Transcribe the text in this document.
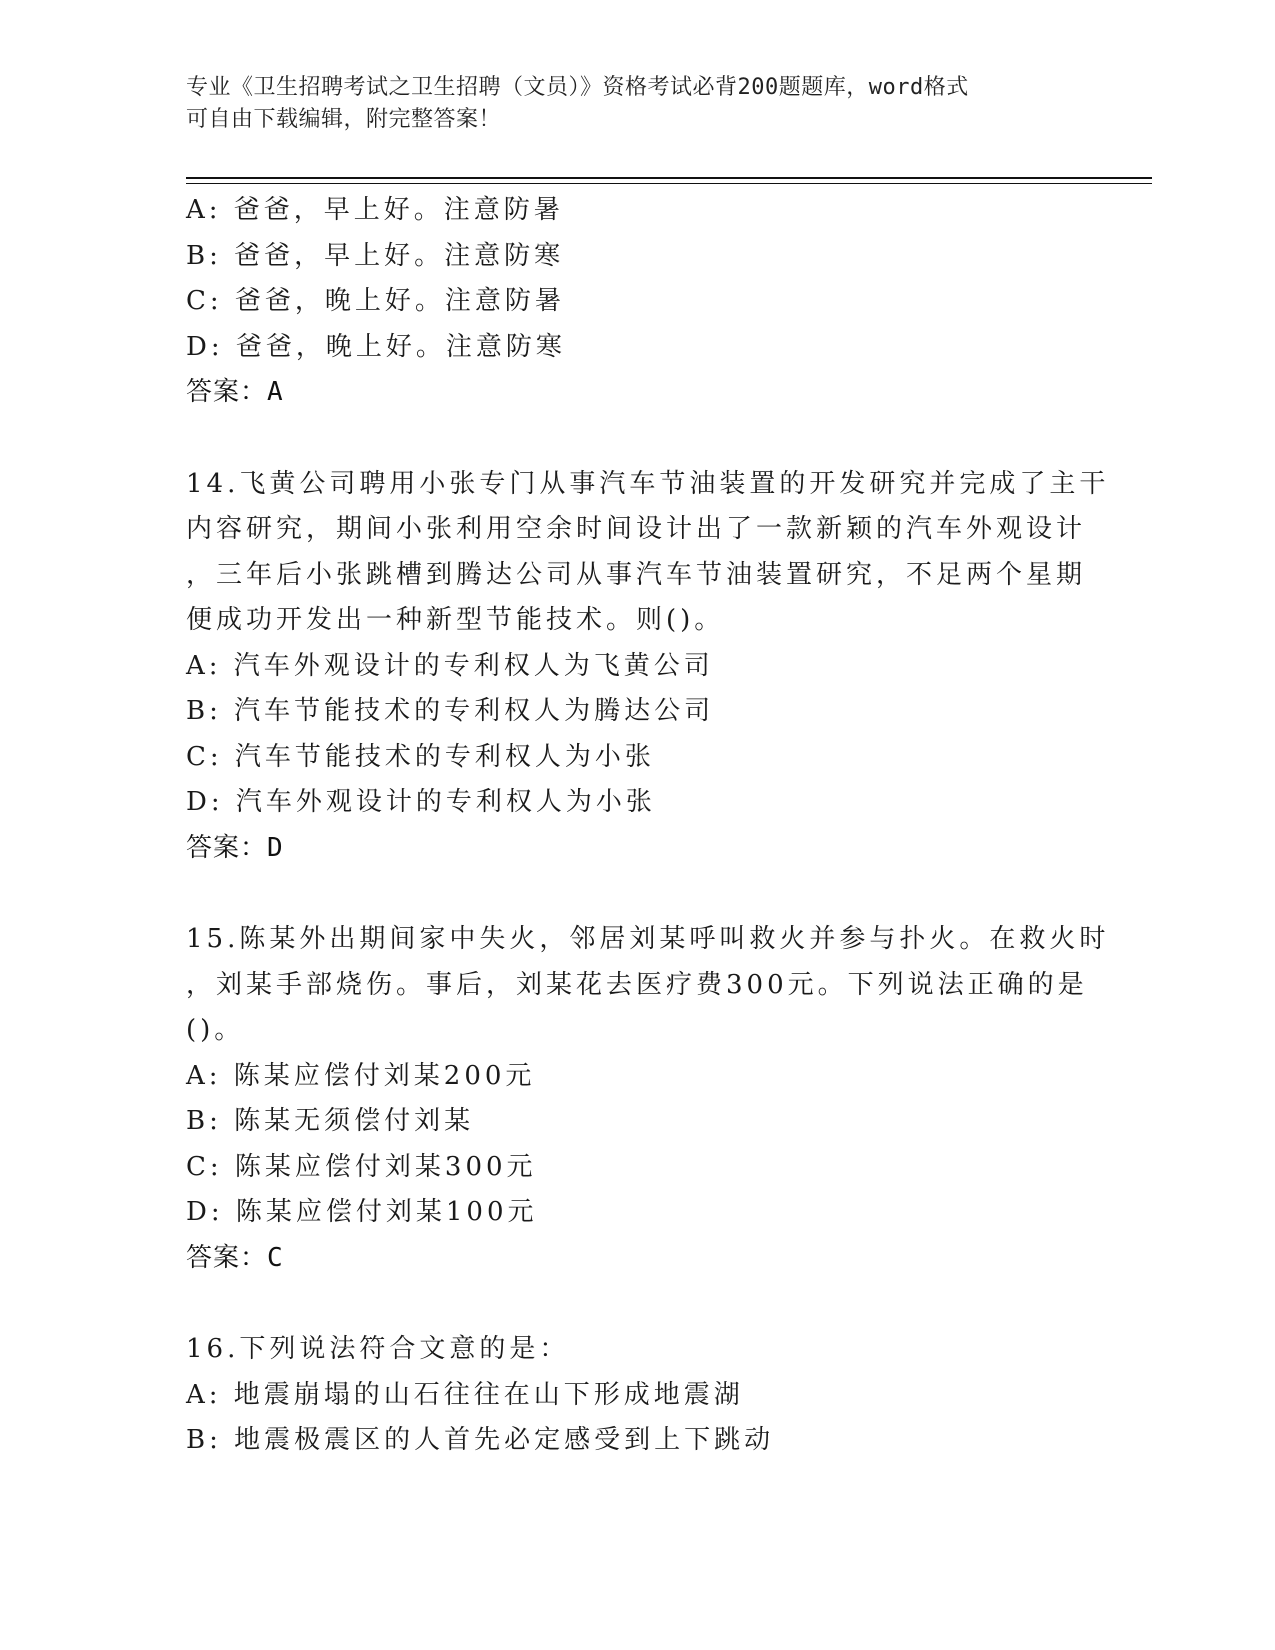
专业《卫生招聘考试之卫生招聘（文员）》资格考试必背200题题库，word格式
可自由下载编辑，附完整答案！
A: 爸爸，早上好。注意防暑
B: 爸爸，早上好。注意防寒
C: 爸爸，晚上好。注意防暑
D: 爸爸，晚上好。注意防寒
答案：A
14.飞黄公司聘用小张专门从事汽车节油装置的开发研究并完成了主干
内容研究，期间小张利用空余时间设计出了一款新颖的汽车外观设计
，三年后小张跳槽到腾达公司从事汽车节油装置研究，不足两个星期
便成功开发出一种新型节能技术。则()。
A: 汽车外观设计的专利权人为飞黄公司
B: 汽车节能技术的专利权人为腾达公司
C: 汽车节能技术的专利权人为小张
D: 汽车外观设计的专利权人为小张
答案：D
15.陈某外出期间家中失火，邻居刘某呼叫救火并参与扑火。在救火时
，刘某手部烧伤。事后，刘某花去医疗费300元。下列说法正确的是
()。
A: 陈某应偿付刘某200元
B: 陈某无须偿付刘某
C: 陈某应偿付刘某300元
D: 陈某应偿付刘某100元
答案：C
16.下列说法符合文意的是：
A: 地震崩塌的山石往往在山下形成地震湖
B: 地震极震区的人首先必定感受到上下跳动
